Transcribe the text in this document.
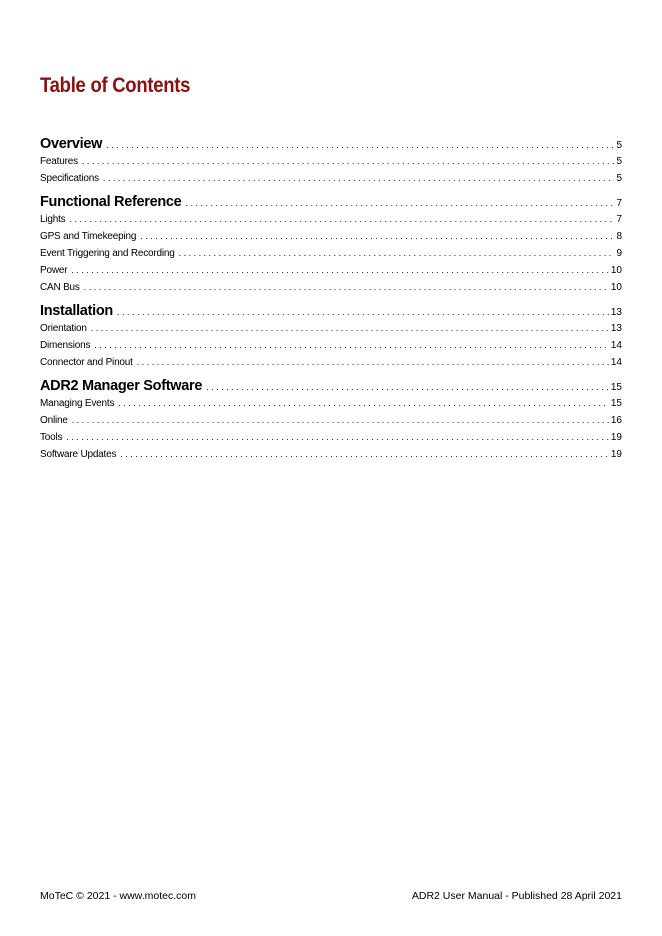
Table of Contents
Overview . . .	5
Features . . .	5
Specifications . . .	5
Functional Reference . . .	7
Lights . . .	7
GPS and Timekeeping . . .	8
Event Triggering and Recording . . .	9
Power . . .	10
CAN Bus . . .	10
Installation . . .	13
Orientation . . .	13
Dimensions . . .	14
Connector and Pinout . . .	14
ADR2 Manager Software . . .	15
Managing Events . . .	15
Online . . .	16
Tools . . .	19
Software Updates . . .	19
MoTeC © 2021 - www.motec.com	ADR2 User Manual - Published 28 April 2021
